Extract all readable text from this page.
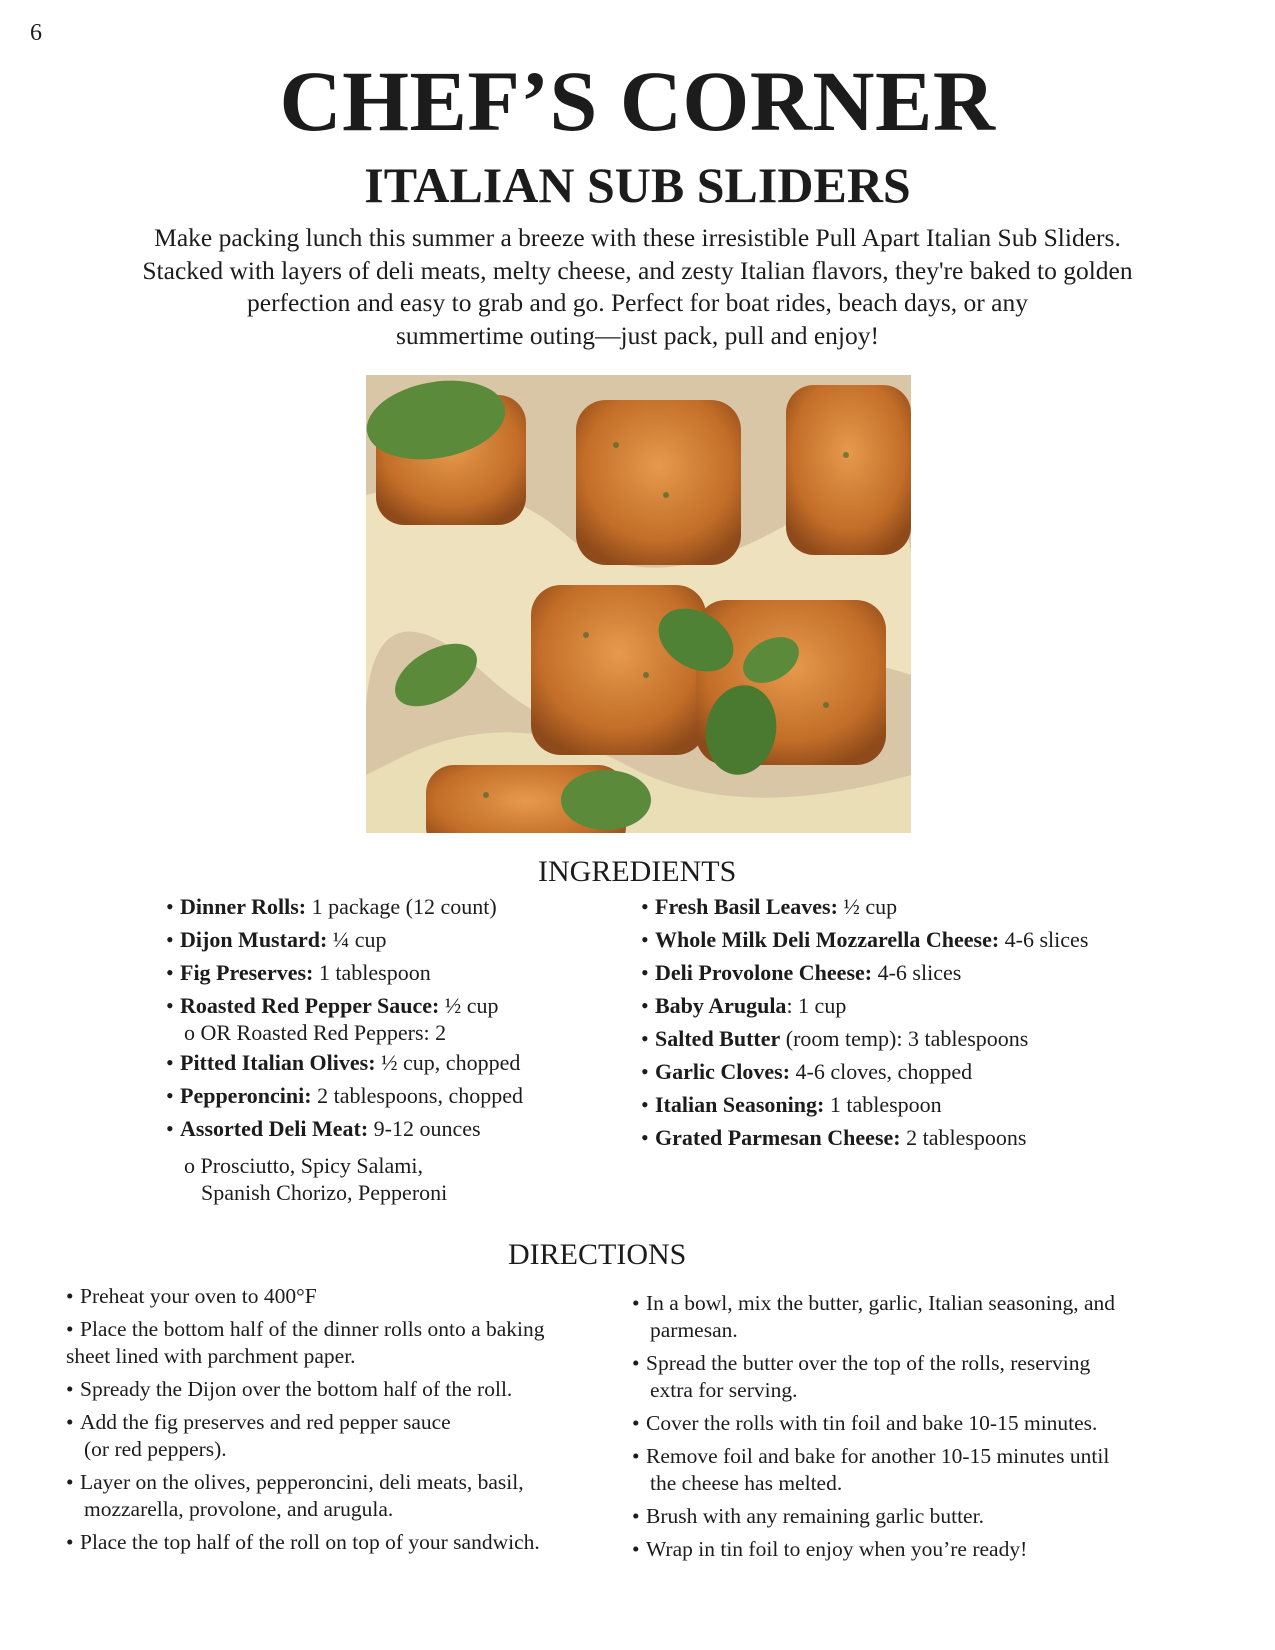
6
CHEF’S CORNER
ITALIAN SUB SLIDERS
Make packing lunch this summer a breeze with these irresistible Pull Apart Italian Sub Sliders.
Stacked with layers of deli meats, melty cheese, and zesty Italian flavors, they're baked to golden
perfection and easy to grab and go. Perfect for boat rides, beach days, or any
summertime outing—just pack, pull and enjoy!
INGREDIENTS
• Dinner Rolls: 1 package (12 count)
• Dijon Mustard: ¼ cup
• Fig Preserves: 1 tablespoon
• Roasted Red Pepper Sauce: ½ cup
o OR Roasted Red Peppers: 2
• Pitted Italian Olives: ½ cup, chopped
• Pepperoncini: 2 tablespoons, chopped
• Assorted Deli Meat: 9-12 ounces
o Prosciutto, Spicy Salami,
Spanish Chorizo, Pepperoni
• Fresh Basil Leaves: ½ cup
• Whole Milk Deli Mozzarella Cheese: 4-6 slices
• Deli Provolone Cheese: 4-6 slices
• Baby Arugula: 1 cup
• Salted Butter (room temp): 3 tablespoons
• Garlic Cloves: 4-6 cloves, chopped
• Italian Seasoning: 1 tablespoon
• Grated Parmesan Cheese: 2 tablespoons
DIRECTIONS
• Preheat your oven to 400°F
• Place the bottom half of the dinner rolls onto a baking
sheet lined with parchment paper.
• Spready the Dijon over the bottom half of the roll.
• Add the fig preserves and red pepper sauce
(or red peppers).
• Layer on the olives, pepperoncini, deli meats, basil,
mozzarella, provolone, and arugula.
• Place the top half of the roll on top of your sandwich.
• In a bowl, mix the butter, garlic, Italian seasoning, and
parmesan.
• Spread the butter over the top of the rolls, reserving
extra for serving.
• Cover the rolls with tin foil and bake 10-15 minutes.
• Remove foil and bake for another 10-15 minutes until
the cheese has melted.
• Brush with any remaining garlic butter.
• Wrap in tin foil to enjoy when you’re ready!
